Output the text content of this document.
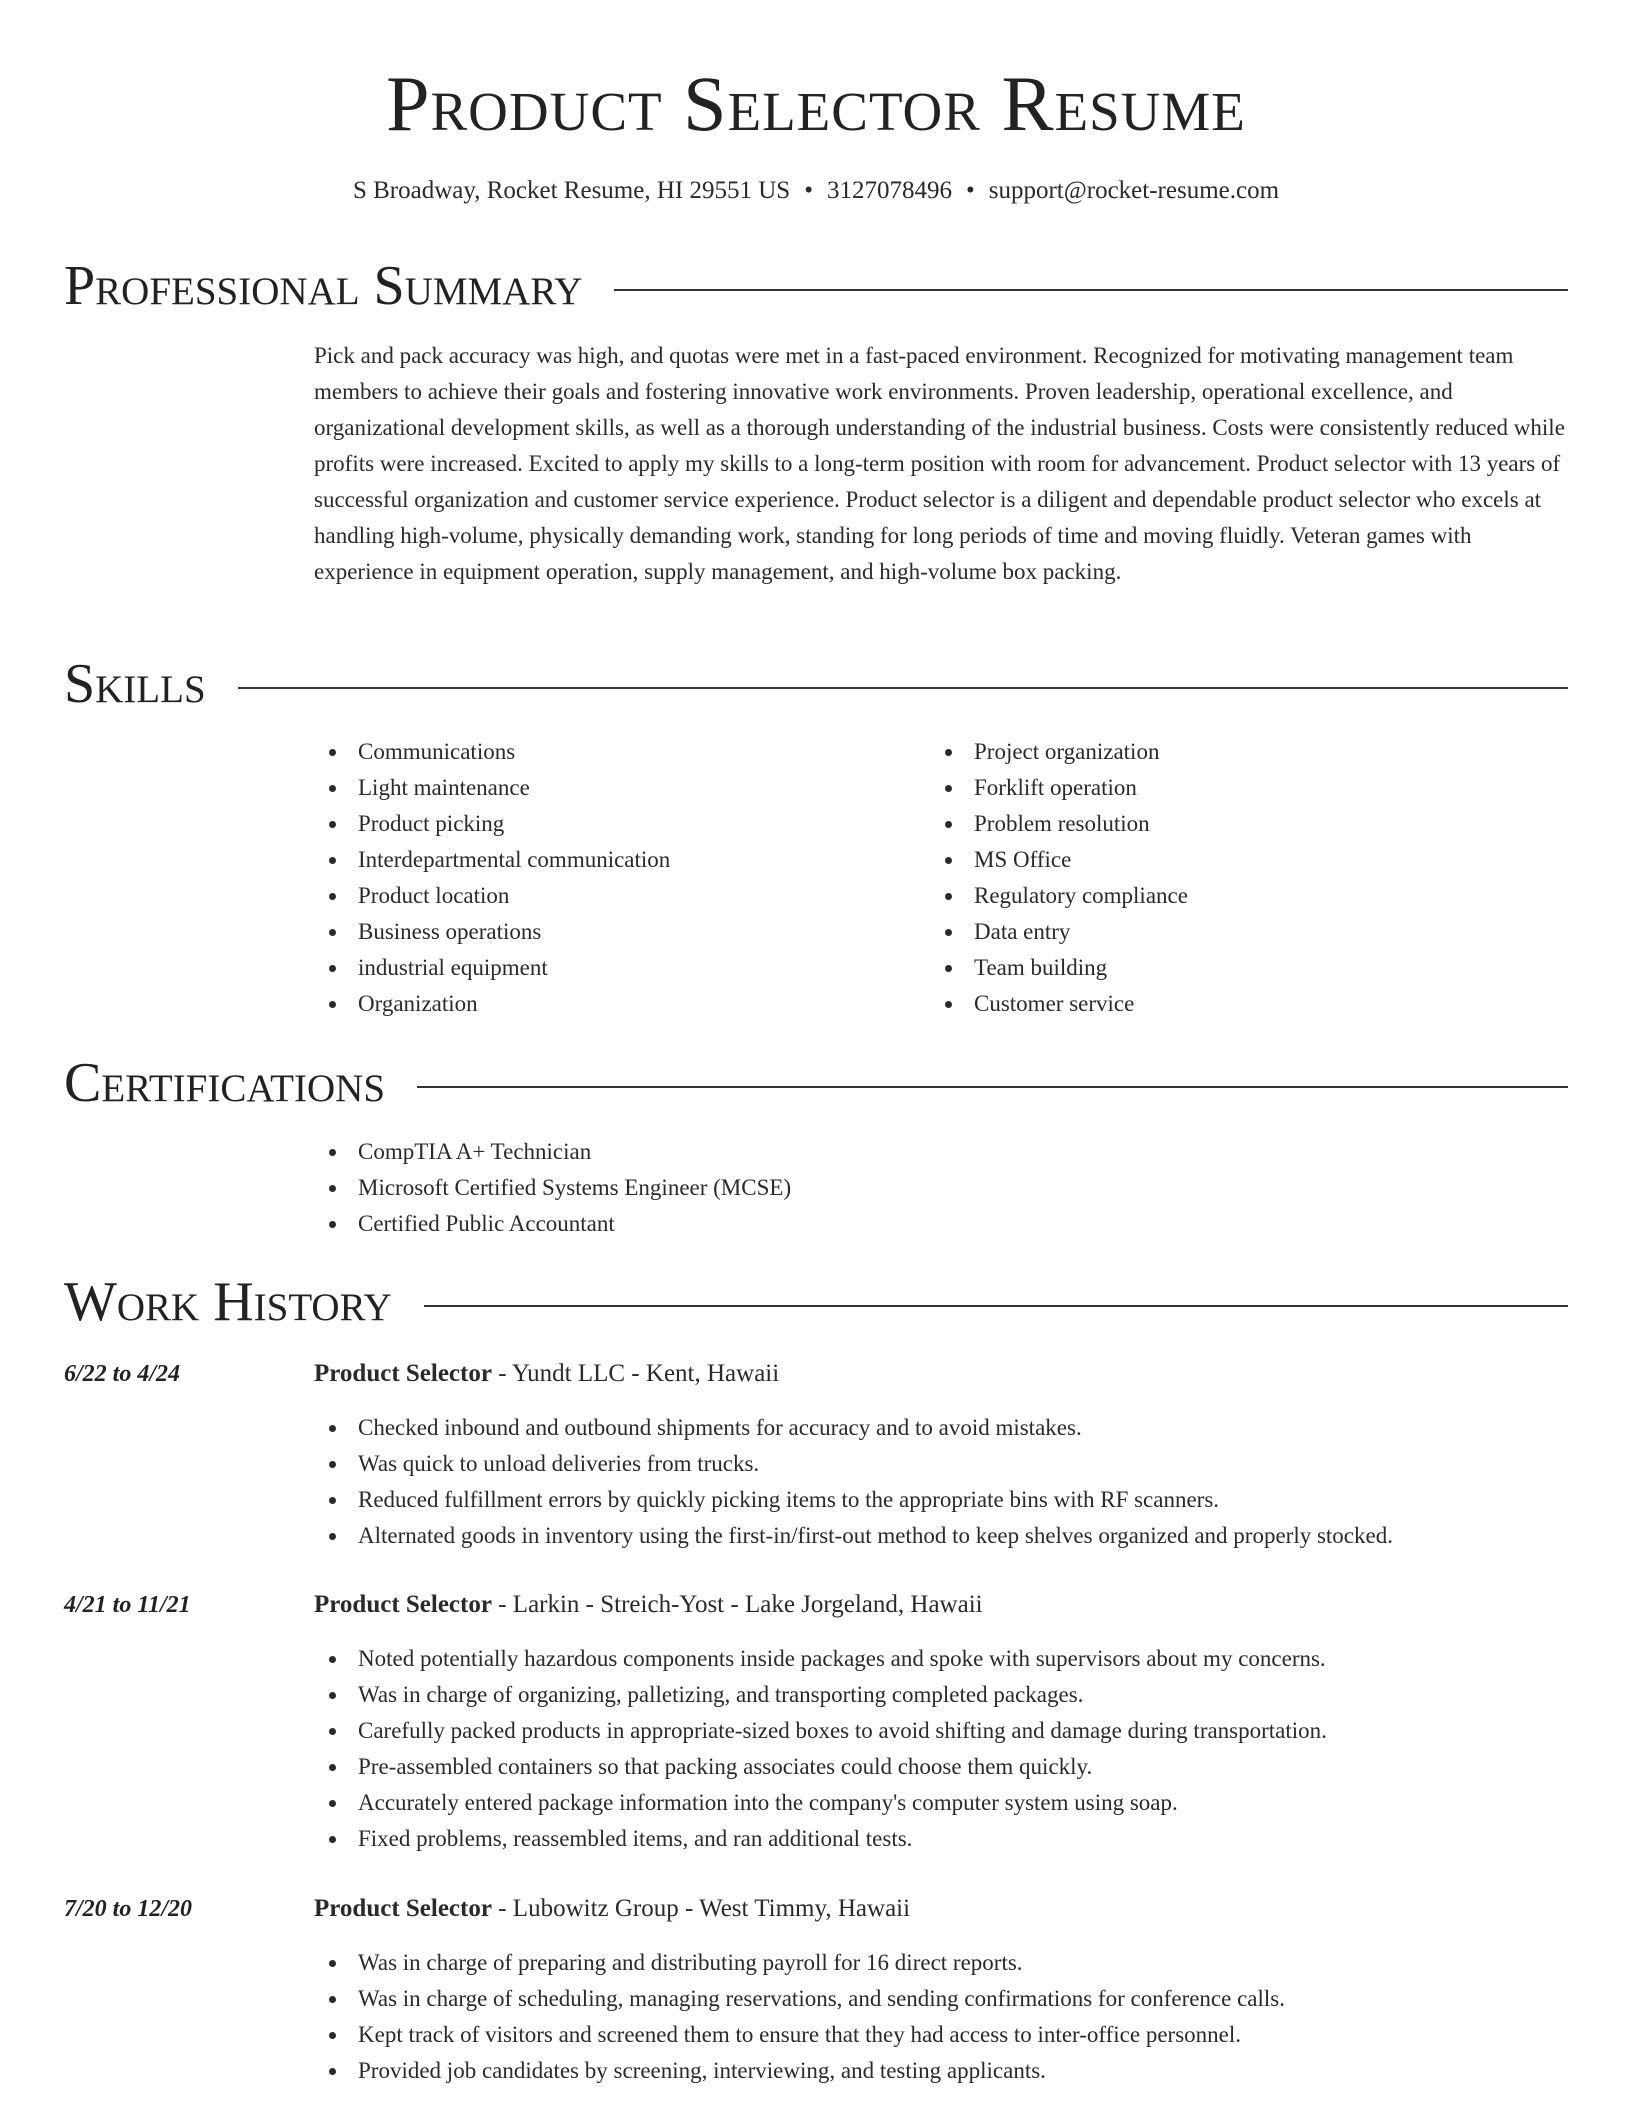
Product Selector Resume
S Broadway, Rocket Resume, HI 29551 US • 3127078496 • support@rocket-resume.com
Professional Summary

Pick and pack accuracy was high, and quotas were met in a fast-paced environment. Recognized for motivating management team members to achieve their goals and fostering innovative work environments. Proven leadership, operational excellence, and organizational development skills, as well as a thorough understanding of the industrial business. Costs were consistently reduced while profits were increased. Excited to apply my skills to a long-term position with room for advancement. Product selector with 13 years of successful organization and customer service experience. Product selector is a diligent and dependable product selector who excels at handling high-volume, physically demanding work, standing for long periods of time and moving fluidly. Veteran games with experience in equipment operation, supply management, and high-volume box packing.

Skills
Communications
Light maintenance
Product picking
Interdepartmental communication
Product location
Business operations
industrial equipment
Organization
Project organization
Forklift operation
Problem resolution
MS Office
Regulatory compliance
Data entry
Team building
Customer service
Certifications
CompTIA A+ Technician
Microsoft Certified Systems Engineer (MCSE)
Certified Public Accountant
Work History
6/22 to 4/24	Product Selector - Yundt LLC - Kent, Hawaii
Checked inbound and outbound shipments for accuracy and to avoid mistakes.
Was quick to unload deliveries from trucks.
Reduced fulfillment errors by quickly picking items to the appropriate bins with RF scanners.
Alternated goods in inventory using the first-in/first-out method to keep shelves organized and properly stocked.
4/21 to 11/21	Product Selector - Larkin - Streich-Yost - Lake Jorgeland, Hawaii
Noted potentially hazardous components inside packages and spoke with supervisors about my concerns.
Was in charge of organizing, palletizing, and transporting completed packages.
Carefully packed products in appropriate-sized boxes to avoid shifting and damage during transportation.
Pre-assembled containers so that packing associates could choose them quickly.
Accurately entered package information into the company's computer system using soap.
Fixed problems, reassembled items, and ran additional tests.
7/20 to 12/20	Product Selector - Lubowitz Group - West Timmy, Hawaii
Was in charge of preparing and distributing payroll for 16 direct reports.
Was in charge of scheduling, managing reservations, and sending confirmations for conference calls.
Kept track of visitors and screened them to ensure that they had access to inter-office personnel.
Provided job candidates by screening, interviewing, and testing applicants.
